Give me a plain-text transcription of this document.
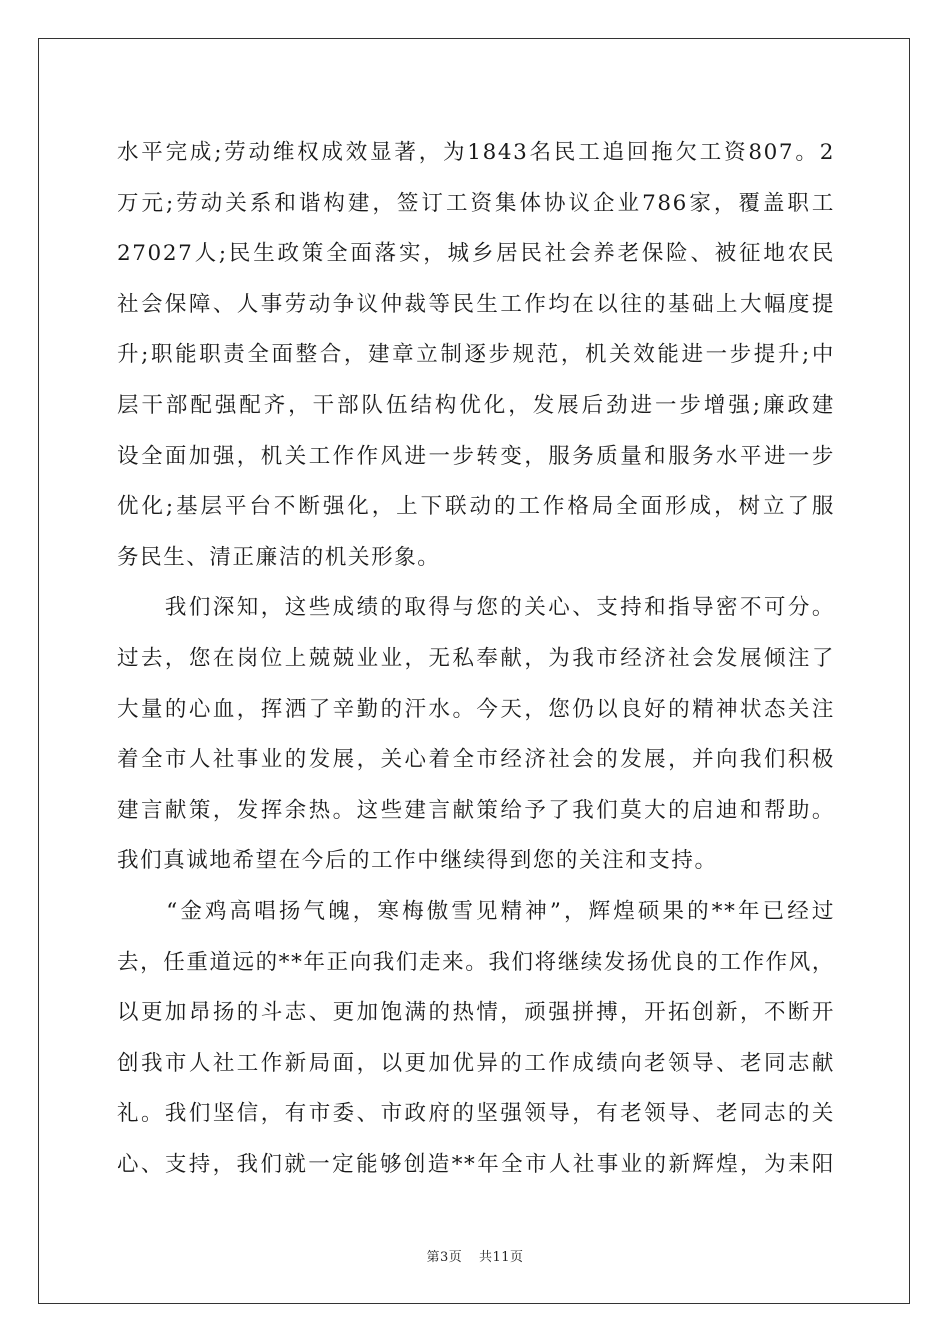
水平完成;劳动维权成效显著，为1843名民工追回拖欠工资807。2
万元;劳动关系和谐构建，签订工资集体协议企业786家，覆盖职工
27027人;民生政策全面落实，城乡居民社会养老保险、被征地农民
社会保障、人事劳动争议仲裁等民生工作均在以往的基础上大幅度提
升;职能职责全面整合，建章立制逐步规范，机关效能进一步提升;中
层干部配强配齐，干部队伍结构优化，发展后劲进一步增强;廉政建
设全面加强，机关工作作风进一步转变，服务质量和服务水平进一步
优化;基层平台不断强化，上下联动的工作格局全面形成，树立了服
务民生、清正廉洁的机关形象。
　　我们深知，这些成绩的取得与您的关心、支持和指导密不可分。
过去，您在岗位上兢兢业业，无私奉献，为我市经济社会发展倾注了
大量的心血，挥洒了辛勤的汗水。今天，您仍以良好的精神状态关注
着全市人社事业的发展，关心着全市经济社会的发展，并向我们积极
建言献策，发挥余热。这些建言献策给予了我们莫大的启迪和帮助。
我们真诚地希望在今后的工作中继续得到您的关注和支持。
　　“金鸡高唱扬气魄，寒梅傲雪见精神”，辉煌硕果的**年已经过
去，任重道远的**年正向我们走来。我们将继续发扬优良的工作作风，
以更加昂扬的斗志、更加饱满的热情，顽强拼搏，开拓创新，不断开
创我市人社工作新局面，以更加优异的工作成绩向老领导、老同志献
礼。我们坚信，有市委、市政府的坚强领导，有老领导、老同志的关
心、支持，我们就一定能够创造**年全市人社事业的新辉煌，为耒阳
第3页 共11页
